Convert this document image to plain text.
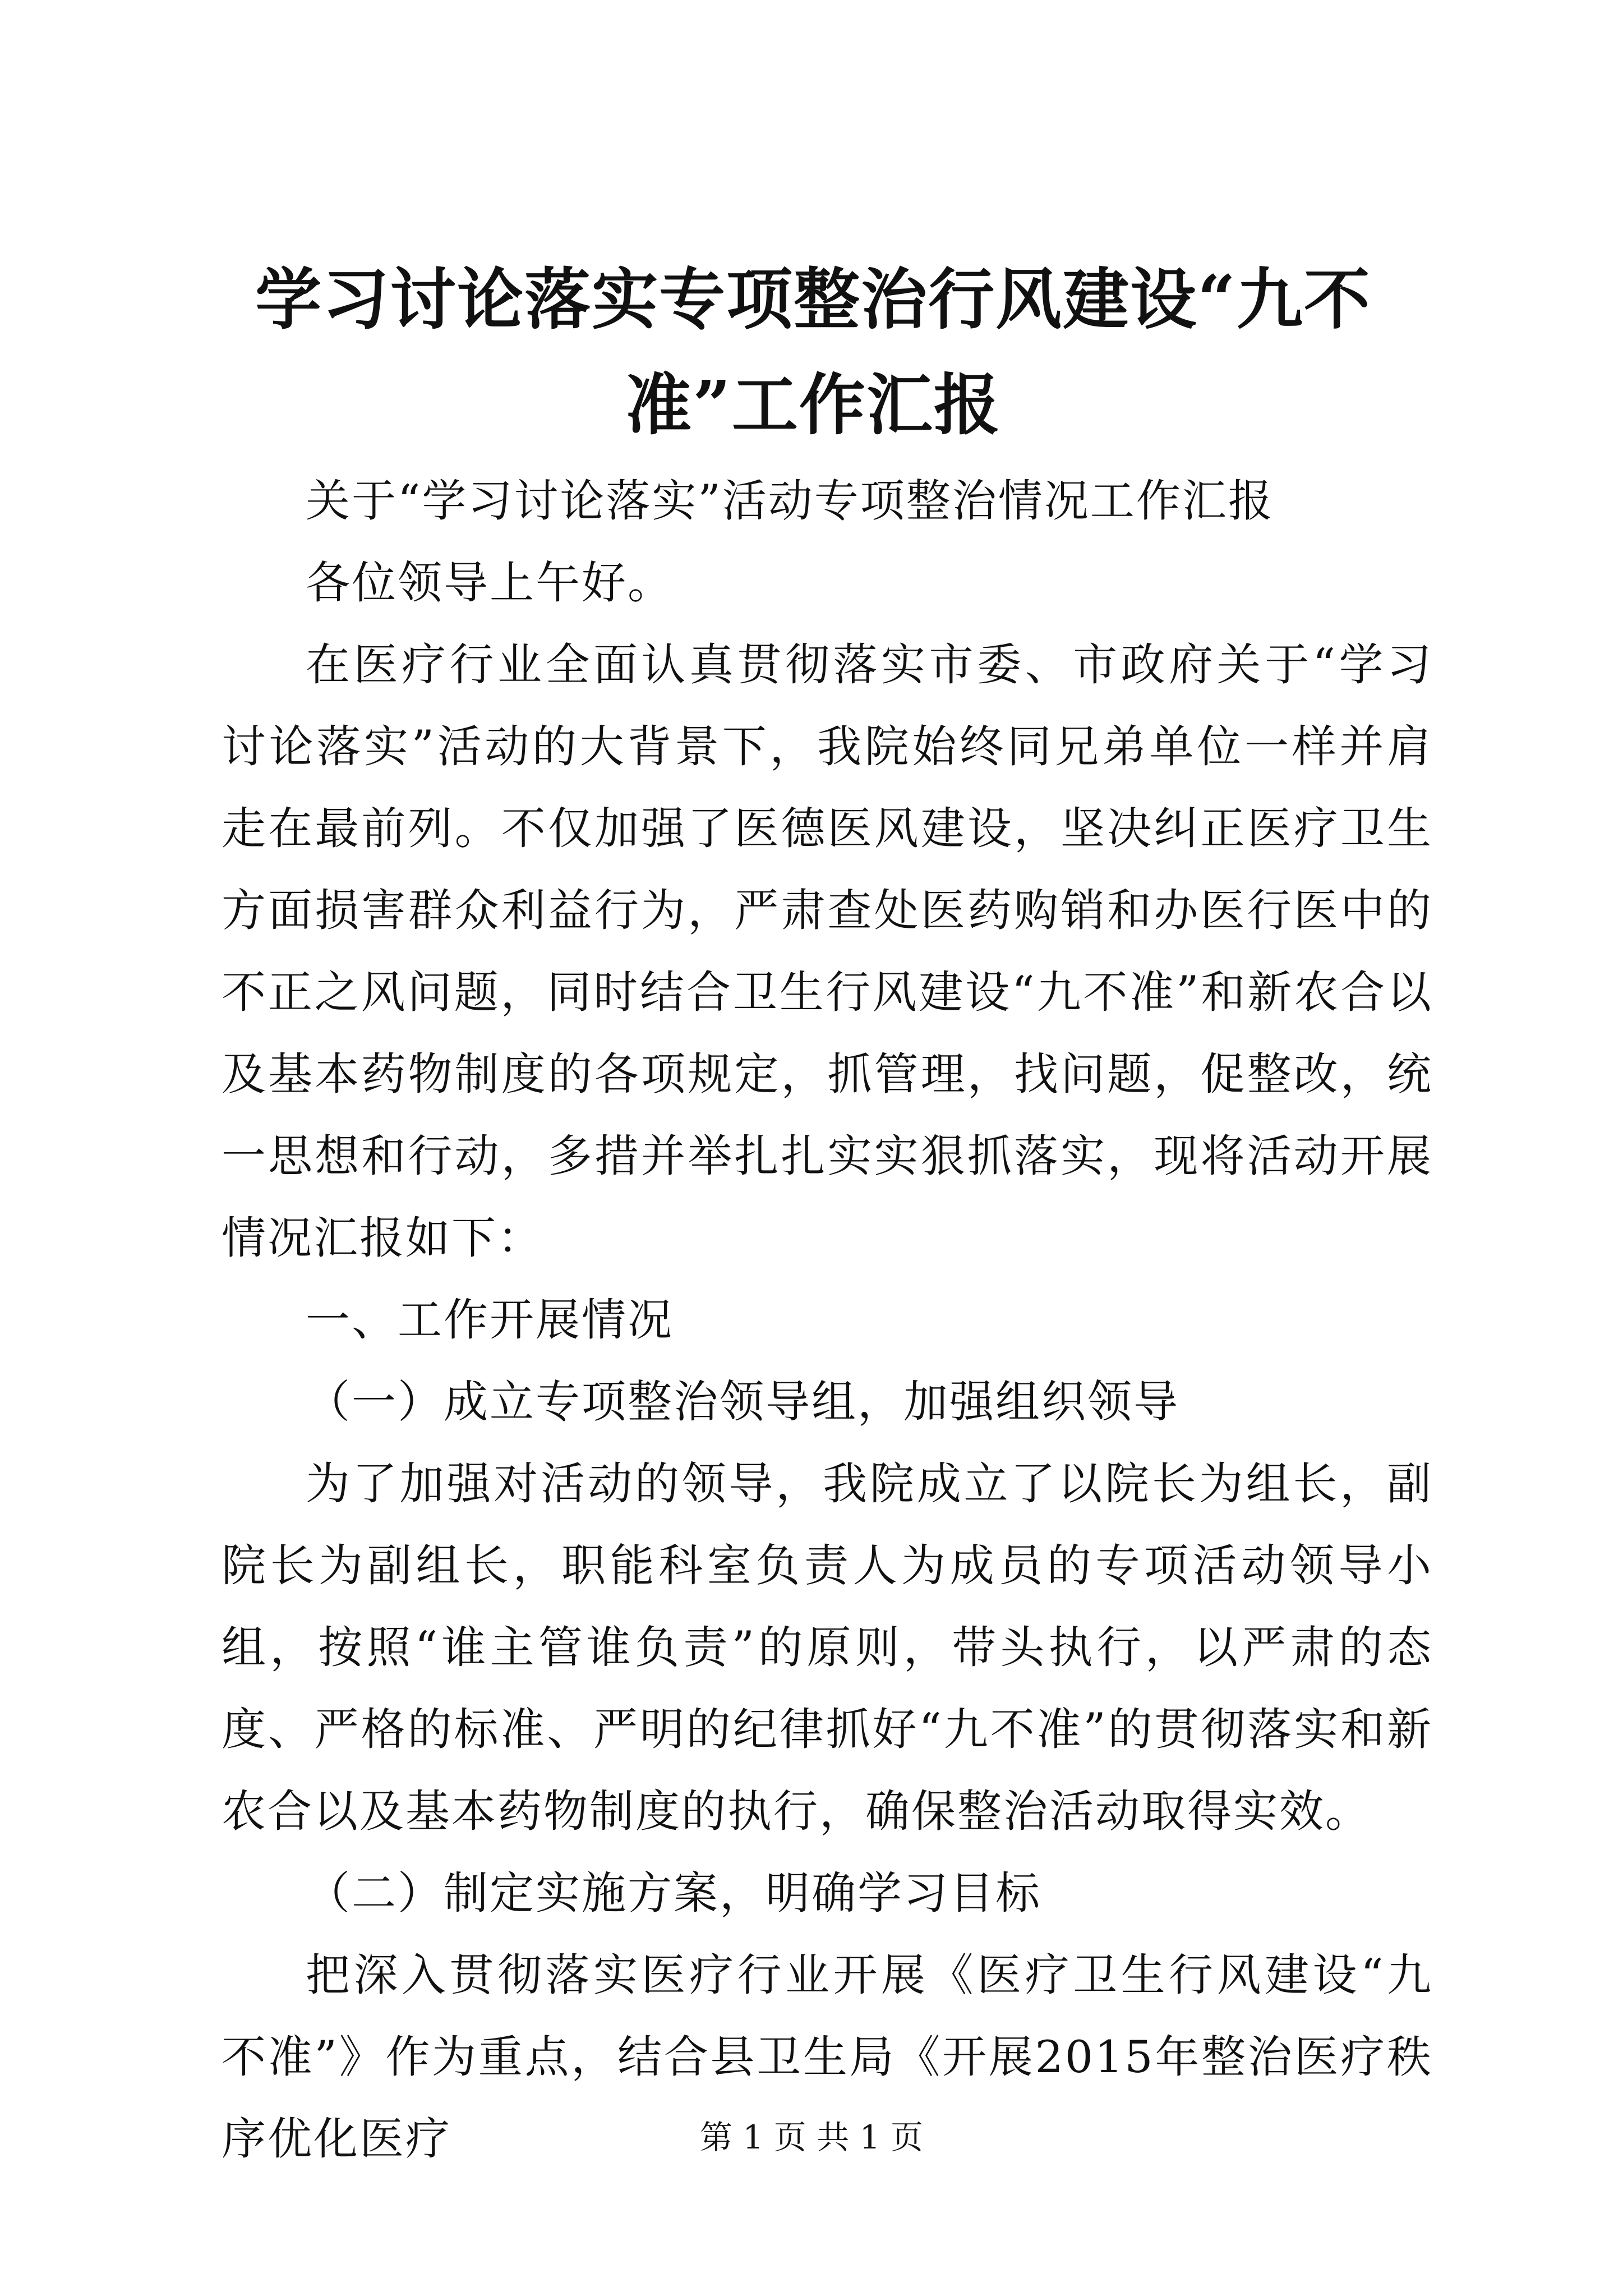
学习讨论落实专项整治行风建设“九不准”工作汇报

关于“学习讨论落实”活动专项整治情况工作汇报

各位领导上午好。

在医疗行业全面认真贯彻落实市委、市政府关于“学习讨论落实”活动的大背景下，我院始终同兄弟单位一样并肩走在最前列。不仅加强了医德医风建设，坚决纠正医疗卫生方面损害群众利益行为，严肃查处医药购销和办医行医中的不正之风问题，同时结合卫生行风建设“九不准”和新农合以及基本药物制度的各项规定，抓管理，找问题，促整改，统一思想和行动，多措并举扎扎实实狠抓落实，现将活动开展情况汇报如下：

一、工作开展情况

（一）成立专项整治领导组，加强组织领导

为了加强对活动的领导，我院成立了以院长为组长，副院长为副组长，职能科室负责人为成员的专项活动领导小组，按照“谁主管谁负责”的原则，带头执行，以严肃的态度、严格的标准、严明的纪律抓好“九不准”的贯彻落实和新农合以及基本药物制度的执行，确保整治活动取得实效。

（二）制定实施方案，明确学习目标

把深入贯彻落实医疗行业开展《医疗卫生行风建设“九不准”》作为重点，结合县卫生局《开展2015年整治医疗秩序优化医疗	第 1 页 共 1 页
